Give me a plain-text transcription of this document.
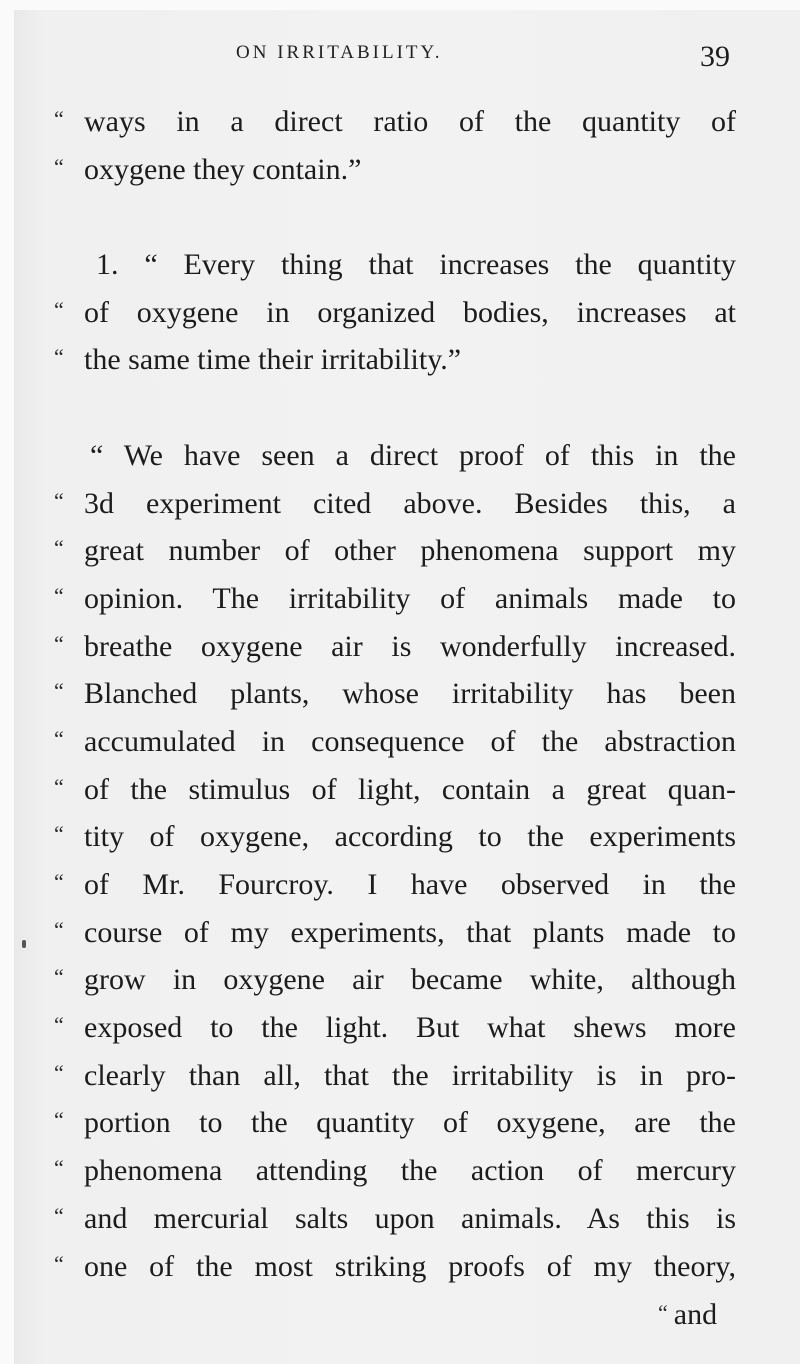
ON IRRITABILITY.	39
“ ways in a direct ratio of the quantity of
“ oxygene they contain.”
1. “ Every thing that increases the quantity
“ of oxygene in organized bodies, increases at
“ the same time their irritability.”
“ We have seen a direct proof of this in the
“ 3d experiment cited above. Besides this, a
“ great number of other phenomena support my
“ opinion. The irritability of animals made to
“ breathe oxygene air is wonderfully increased.
“ Blanched plants, whose irritability has been
“ accumulated in consequence of the abstraction
“ of the stimulus of light, contain a great quan-
“ tity of oxygene, according to the experiments
“ of Mr. Fourcroy. I have observed in the
“ course of my experiments, that plants made to
“ grow in oxygene air became white, although
“ exposed to the light. But what shews more
“ clearly than all, that the irritability is in pro-
“ portion to the quantity of oxygene, are the
“ phenomena attending the action of mercury
“ and mercurial salts upon animals. As this is
“ one of the most striking proofs of my theory,
“ and
